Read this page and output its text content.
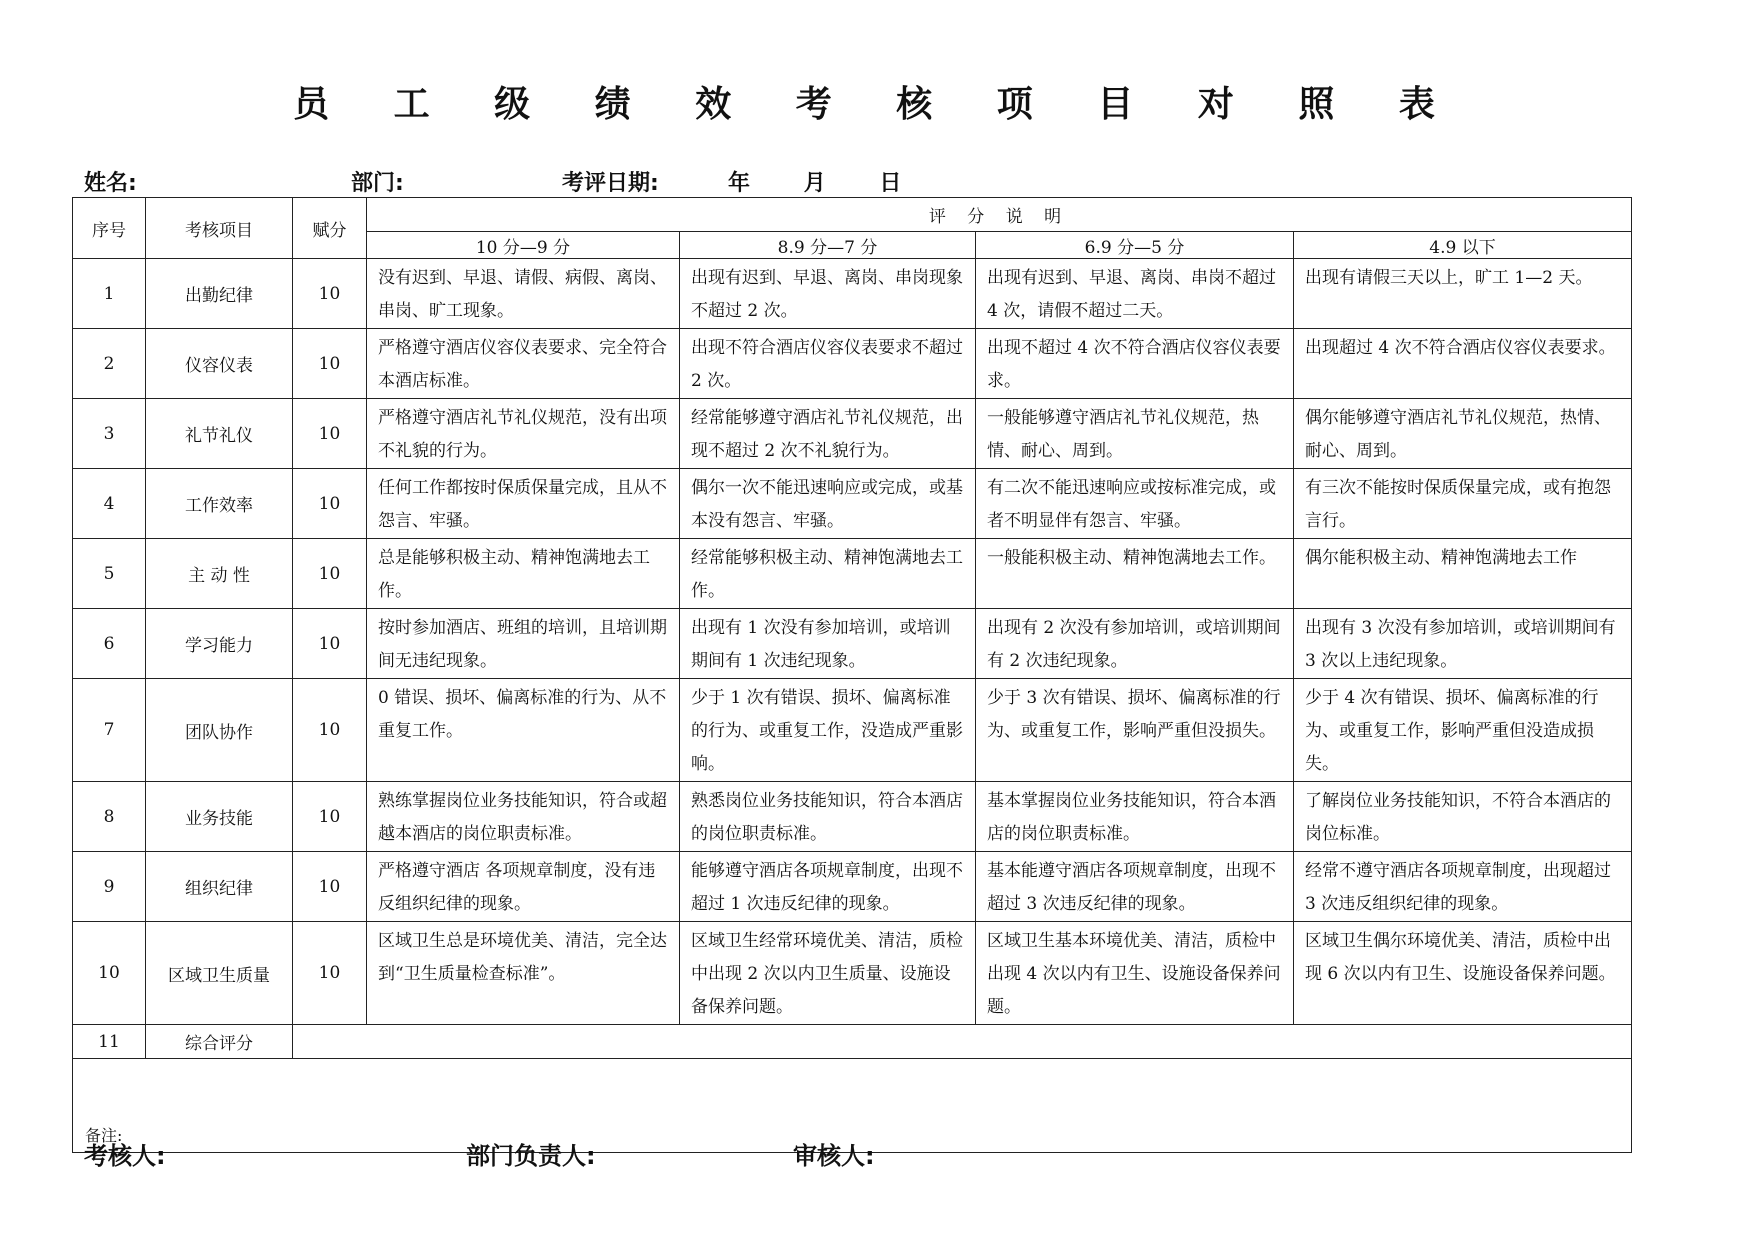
员 工 级 绩 效 考 核 项 目 对 照 表
姓名:	部门:	考评日期:	年 月 日
序号	考核项目	赋分	评 分 说 明			
			10 分—9 分	8.9 分—7 分	6.9 分—5 分	4.9 以下
1	出勤纪律	10	没有迟到、早退、请假、病假、离岗、串岗、旷工现象。	出现有迟到、早退、离岗、串岗现象不超过 2 次。	出现有迟到、早退、离岗、串岗不超过 4 次，请假不超过二天。	出现有请假三天以上，旷工 1—2 天。
2	仪容仪表	10	严格遵守酒店仪容仪表要求、完全符合本酒店标准。	出现不符合酒店仪容仪表要求不超过 2 次。	出现不超过 4 次不符合酒店仪容仪表要求。	出现超过 4 次不符合酒店仪容仪表要求。
3	礼节礼仪	10	严格遵守酒店礼节礼仪规范，没有出项不礼貌的行为。	经常能够遵守酒店礼节礼仪规范，出现不超过 2 次不礼貌行为。	一般能够遵守酒店礼节礼仪规范，热情、耐心、周到。	偶尔能够遵守酒店礼节礼仪规范，热情、耐心、周到。
4	工作效率	10	任何工作都按时保质保量完成，且从不怨言、牢骚。	偶尔一次不能迅速响应或完成，或基本没有怨言、牢骚。	有二次不能迅速响应或按标准完成，或者不明显伴有怨言、牢骚。	有三次不能按时保质保量完成，或有抱怨言行。
5	主 动 性	10	总是能够积极主动、精神饱满地去工作。	经常能够积极主动、精神饱满地去工作。	一般能积极主动、精神饱满地去工作。	偶尔能积极主动、精神饱满地去工作
6	学习能力	10	按时参加酒店、班组的培训，且培训期间无违纪现象。	出现有 1 次没有参加培训，或培训期间有 1 次违纪现象。	出现有 2 次没有参加培训，或培训期间有 2 次违纪现象。	出现有 3 次没有参加培训，或培训期间有 3 次以上违纪现象。
7	团队协作	10	0 错误、损坏、偏离标准的行为、从不重复工作。	少于 1 次有错误、损坏、偏离标准的行为、或重复工作，没造成严重影响。	少于 3 次有错误、损坏、偏离标准的行为、或重复工作，影响严重但没损失。	少于 4 次有错误、损坏、偏离标准的行为、或重复工作，影响严重但没造成损失。
8	业务技能	10	熟练掌握岗位业务技能知识，符合或超越本酒店的岗位职责标准。	熟悉岗位业务技能知识，符合本酒店的岗位职责标准。	基本掌握岗位业务技能知识，符合本酒店的岗位职责标准。	了解岗位业务技能知识，不符合本酒店的岗位标准。
9	组织纪律	10	严格遵守酒店 各项规章制度，没有违反组织纪律的现象。	能够遵守酒店各项规章制度，出现不超过 1 次违反纪律的现象。	基本能遵守酒店各项规章制度，出现不超过 3 次违反纪律的现象。	经常不遵守酒店各项规章制度，出现超过 3 次违反组织纪律的现象。
10	区域卫生质量	10	区域卫生总是环境优美、清洁，完全达到“卫生质量检查标准”。	区域卫生经常环境优美、清洁，质检中出现 2 次以内卫生质量、设施设备保养问题。	区域卫生基本环境优美、清洁，质检中出现 4 次以内有卫生、设施设备保养问题。	区域卫生偶尔环境优美、清洁，质检中出现 6 次以内有卫生、设施设备保养问题。
11	综合评分					
备注:						
考核人:	部门负责人:	审核人:
